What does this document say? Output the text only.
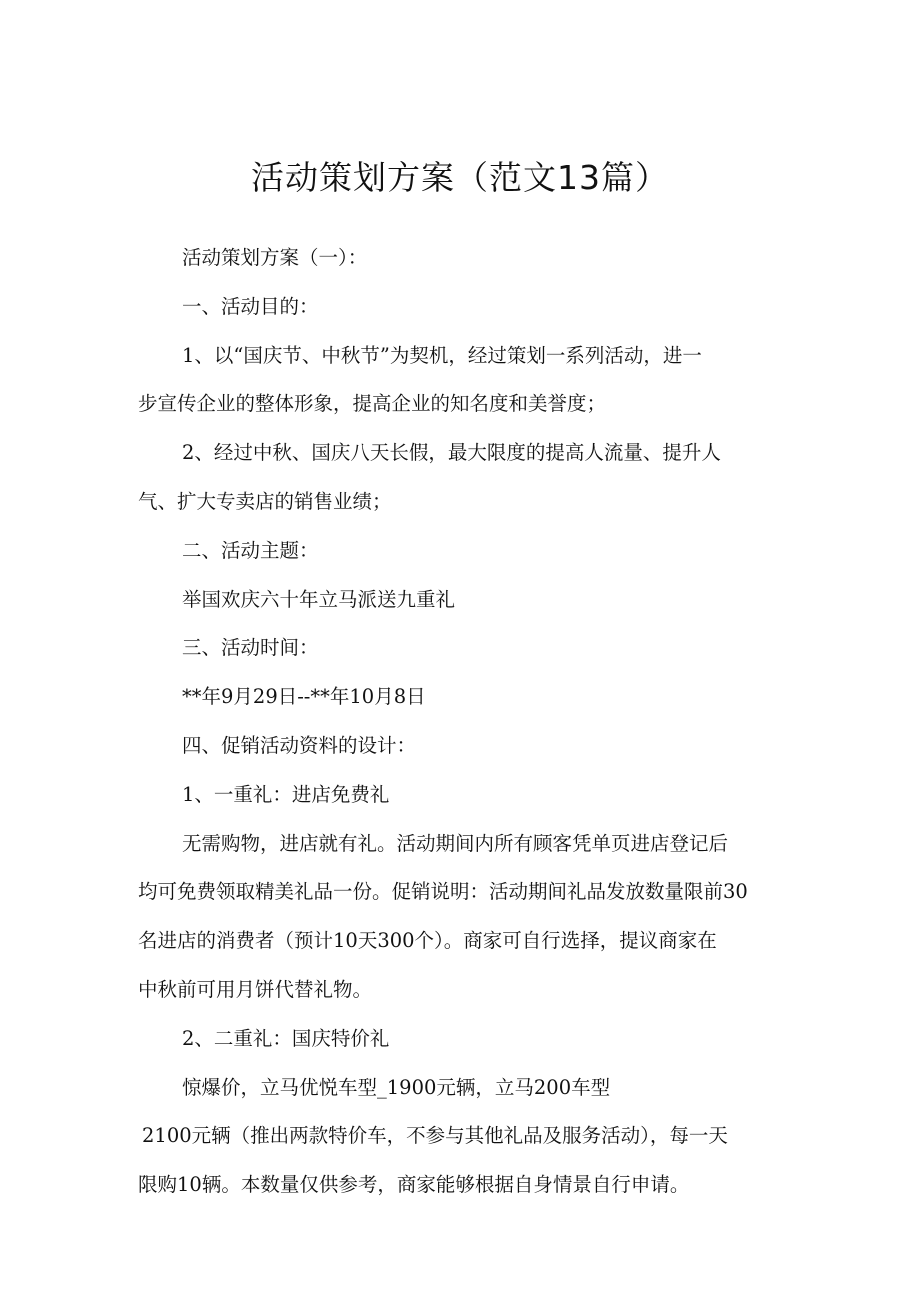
活动策划方案（范文13篇）

活动策划方案（一）：

一、活动目的：

1、以“国庆节、中秋节”为契机，经过策划一系列活动，进一

步宣传企业的整体形象，提高企业的知名度和美誉度；

2、经过中秋、国庆八天长假，最大限度的提高人流量、提升人

气、扩大专卖店的销售业绩；

二、活动主题：

举国欢庆六十年立马派送九重礼

三、活动时间：

**年9月29日--**年10月8日

四、促销活动资料的设计：

1、一重礼：进店免费礼

无需购物，进店就有礼。活动期间内所有顾客凭单页进店登记后

均可免费领取精美礼品一份。促销说明：活动期间礼品发放数量限前30

名进店的消费者（预计10天300个）。商家可自行选择，提议商家在

中秋前可用月饼代替礼物。

2、二重礼：国庆特价礼

惊爆价，立马优悦车型_1900元辆，立马200车型

2100元辆（推出两款特价车，不参与其他礼品及服务活动），每一天

限购10辆。本数量仅供参考，商家能够根据自身情景自行申请。
